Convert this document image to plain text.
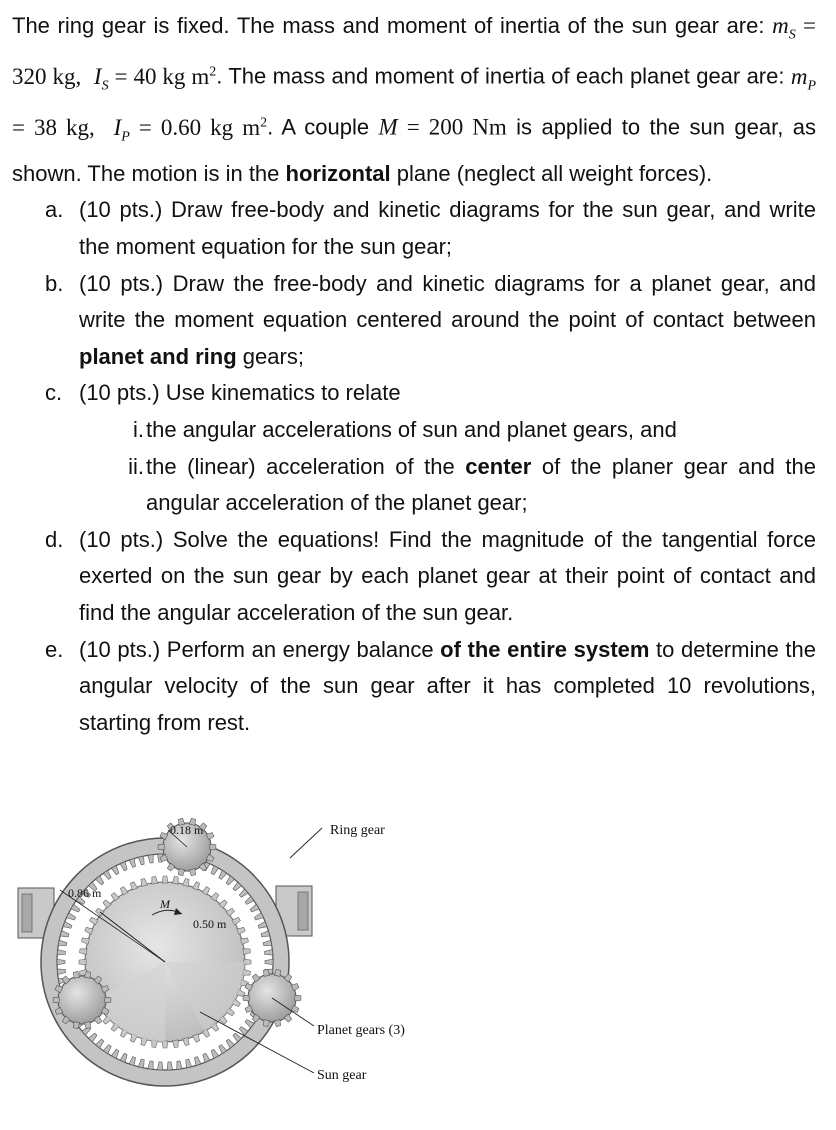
The ring gear is fixed. The mass and moment of inertia of the sun gear are: $m_S = 320$ kg, $I_S = 40$ kg $m^2$. The mass and moment of inertia of each planet gear are: $m_P = 38$ kg, $I_P = 0.60$ kg $m^2$. A couple M = 200 Nm is applied to the sun gear, as shown. The motion is in the horizontal plane (neglect all weight forces).

a. (10 pts.) Draw free-body and kinetic diagrams for the sun gear, and write the moment equation for the sun gear;
b. (10 pts.) Draw the free-body and kinetic diagrams for a planet gear, and write the moment equation centered around the point of contact between planet and ring gears;
c. (10 pts.) Use kinematics to relate
i. the angular accelerations of sun and planet gears, and
ii. the (linear) acceleration of the center of the planer gear and the angular acceleration of the planet gear;
d. (10 pts.) Solve the equations! Find the magnitude of the tangential force exerted on the sun gear by each planet gear at their point of contact and find the angular acceleration of the sun gear.
e. (10 pts.) Perform an energy balance of the entire system to determine the angular velocity of the sun gear after it has completed 10 revolutions, starting from rest.
0.18 m
0.86 m
0.50 m
M
Ring gear
Planet gears (3)
Sun gear
